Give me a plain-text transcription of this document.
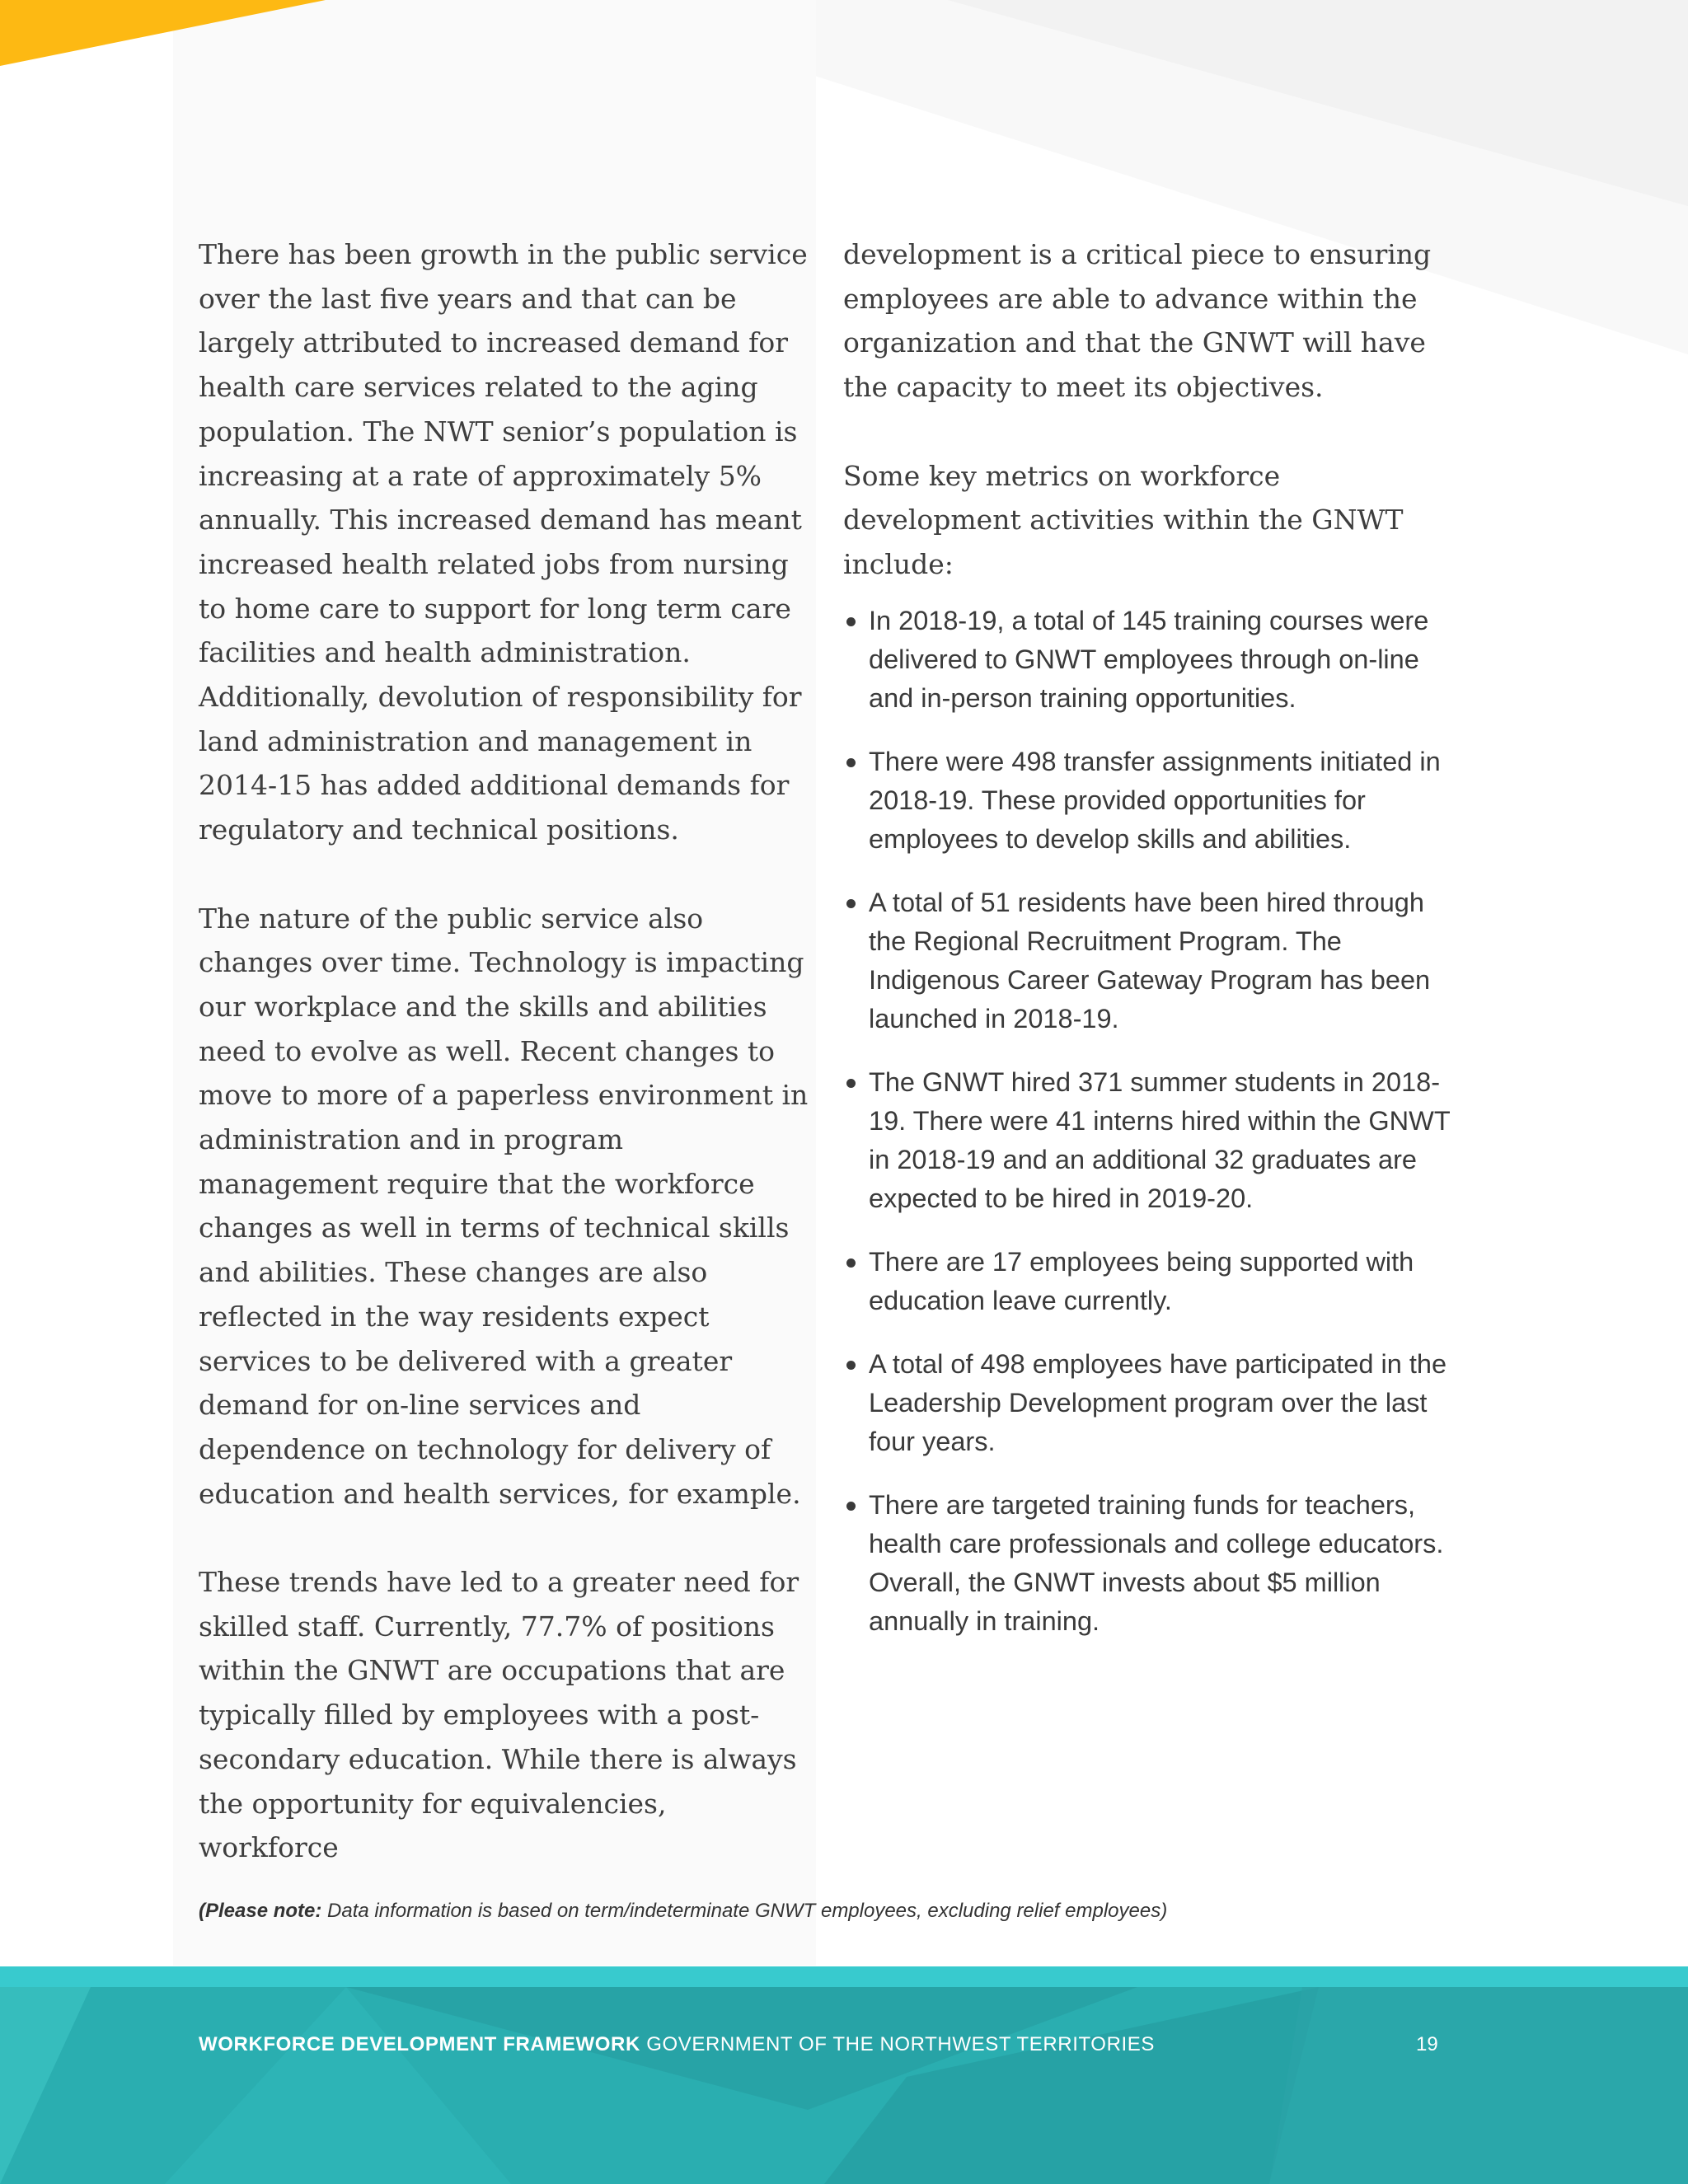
There has been growth in the public service over the last five years and that can be largely attributed to increased demand for health care services related to the aging population. The NWT senior’s population is increasing at a rate of approximately 5% annually. This increased demand has meant increased health related jobs from nursing to home care to support for long term care facilities and health administration. Additionally, devolution of responsibility for land administration and management in 2014-15 has added additional demands for regulatory and technical positions.

The nature of the public service also changes over time. Technology is impacting our workplace and the skills and abilities need to evolve as well. Recent changes to move to more of a paperless environment in administration and in program management require that the workforce changes as well in terms of technical skills and abilities. These changes are also reflected in the way residents expect services to be delivered with a greater demand for on-line services and dependence on technology for delivery of education and health services, for example.

These trends have led to a greater need for skilled staff. Currently, 77.7% of positions within the GNWT are occupations that are typically filled by employees with a post-secondary education. While there is always the opportunity for equivalencies, workforce

development is a critical piece to ensuring employees are able to advance within the organization and that the GNWT will have the capacity to meet its objectives.

Some key metrics on workforce development activities within the GNWT include:

In 2018-19, a total of 145 training courses were delivered to GNWT employees through on-line and in-person training opportunities.
There were 498 transfer assignments initiated in 2018-19. These provided opportunities for employees to develop skills and abilities.
A total of 51 residents have been hired through the Regional Recruitment Program. The Indigenous Career Gateway Program has been launched in 2018-19.
The GNWT hired 371 summer students in 2018-19. There were 41 interns hired within the GNWT in 2018-19 and an additional 32 graduates are expected to be hired in 2019-20.
There are 17 employees being supported with education leave currently.
A total of 498 employees have participated in the Leadership Development program over the last four years.
There are targeted training funds for teachers, health care professionals and college educators. Overall, the GNWT invests about $5 million annually in training.
(Please note: Data information is based on term/indeterminate GNWT employees, excluding relief employees)
WORKFORCE DEVELOPMENT FRAMEWORK GOVERNMENT OF THE NORTHWEST TERRITORIES	19
